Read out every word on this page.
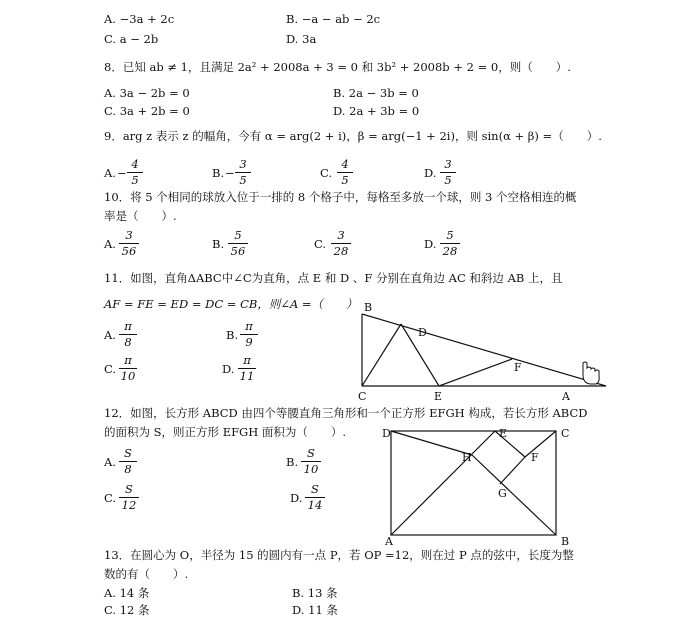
A. −3a + 2c	B. −a − ab − 2c
C. a − 2b	D. 3a
8．已知 ab ≠ 1，且满足 2a² + 2008a + 3 = 0 和 3b² + 2008b + 2 = 0，则（　　）.
A. 3a − 2b = 0	B. 2a − 3b = 0
C. 3a + 2b = 0	D. 2a + 3b = 0
9．arg z 表示 z 的幅角，今有 α = arg(2 + i)，β = arg(−1 + 2i)，则 sin(α + β) =（　　）.
A. − $\frac{4}{5}$	B. − $\frac{3}{5}$	C. $\frac{4}{5}$	D. $\frac{3}{5}$
10．将 5 个相同的球放入位于一排的 8 个格子中，每格至多放一个球，则 3 个空格相连的概
率是（　　）.
A. $\frac{3}{56}$	B. $\frac{5}{56}$	C. $\frac{3}{28}$	D. $\frac{5}{28}$
11．如图，直角ΔABC中∠C为直角，点 E 和 D 、F 分别在直角边 AC 和斜边 AB 上，且
AF = FE = ED = DC = CB，则∠A =（　　）
A. $\frac{\pi}{8}$	B. $\frac{\pi}{9}$
C. $\frac{\pi}{10}$	D. $\frac{\pi}{11}$
B
D
F
C	E	A
12．如图，长方形 ABCD 由四个等腰直角三角形和一个正方形 EFGH 构成，若长方形 ABCD
的面积为 S，则正方形 EFGH 面积为（　　）.
A. $\frac{S}{8}$	B. $\frac{S}{10}$
C. $\frac{S}{12}$	D. $\frac{S}{14}$
D	E	C
H	F
G
A	B
13．在圆心为 O，半径为 15 的圆内有一点 P，若 OP =12，则在过 P 点的弦中，长度为整
数的有（　　）.
A. 14 条	B. 13 条
C. 12 条	D. 11 条
